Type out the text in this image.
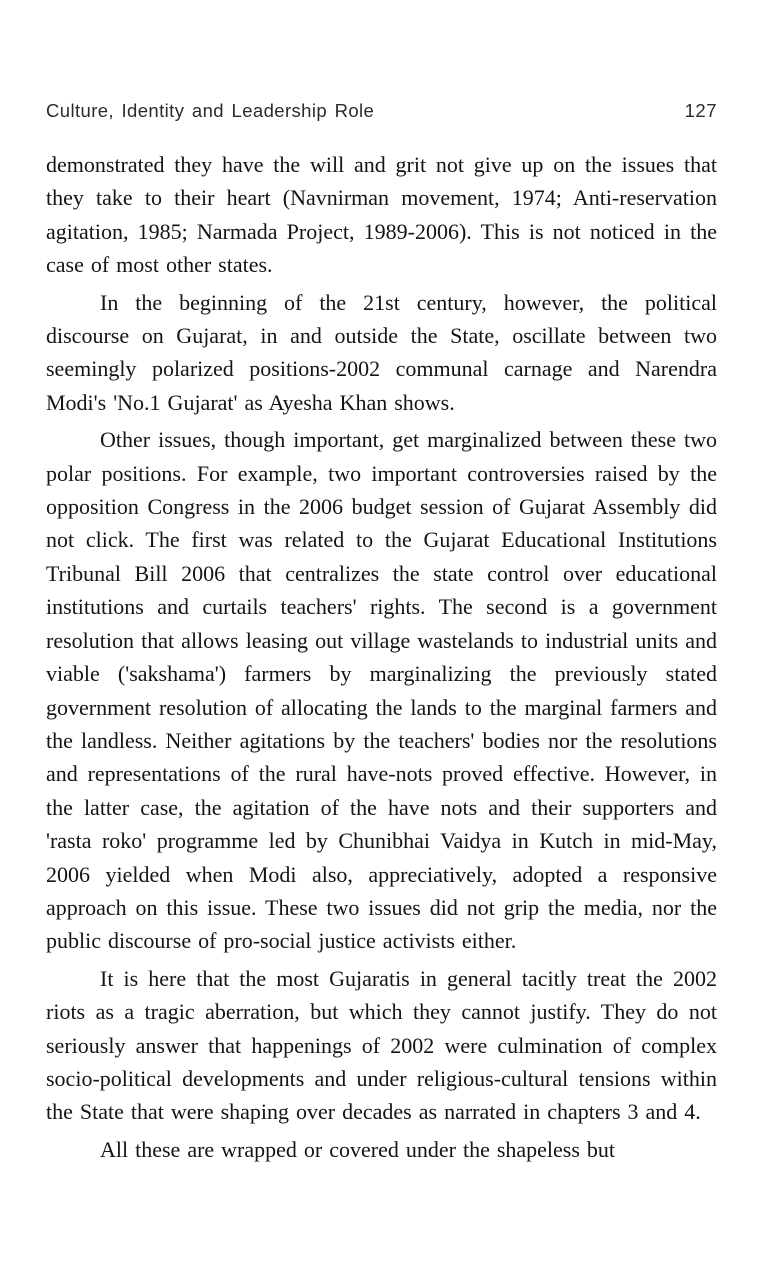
Culture, Identity and Leadership Role	127

demonstrated they have the will and grit not give up on the issues that they take to their heart (Navnirman movement, 1974; Anti-reservation agitation, 1985; Narmada Project, 1989-2006). This is not noticed in the case of most other states.

In the beginning of the 21st century, however, the political discourse on Gujarat, in and outside the State, oscillate between two seemingly polarized positions-2002 communal carnage and Narendra Modi's 'No.1 Gujarat' as Ayesha Khan shows.

Other issues, though important, get marginalized between these two polar positions. For example, two important controversies raised by the opposition Congress in the 2006 budget session of Gujarat Assembly did not click. The first was related to the Gujarat Educational Institutions Tribunal Bill 2006 that centralizes the state control over educational institutions and curtails teachers' rights. The second is a government resolution that allows leasing out village wastelands to industrial units and viable ('sakshama') farmers by marginalizing the previously stated government resolution of allocating the lands to the marginal farmers and the landless. Neither agitations by the teachers' bodies nor the resolutions and representations of the rural have-nots proved effective. However, in the latter case, the agitation of the have nots and their supporters and 'rasta roko' programme led by Chunibhai Vaidya in Kutch in mid-May, 2006 yielded when Modi also, appreciatively, adopted a responsive approach on this issue. These two issues did not grip the media, nor the public discourse of pro-social justice activists either.

It is here that the most Gujaratis in general tacitly treat the 2002 riots as a tragic aberration, but which they cannot justify. They do not seriously answer that happenings of 2002 were culmination of complex socio-political developments and under religious-cultural tensions within the State that were shaping over decades as narrated in chapters 3 and 4.

All these are wrapped or covered under the shapeless but
